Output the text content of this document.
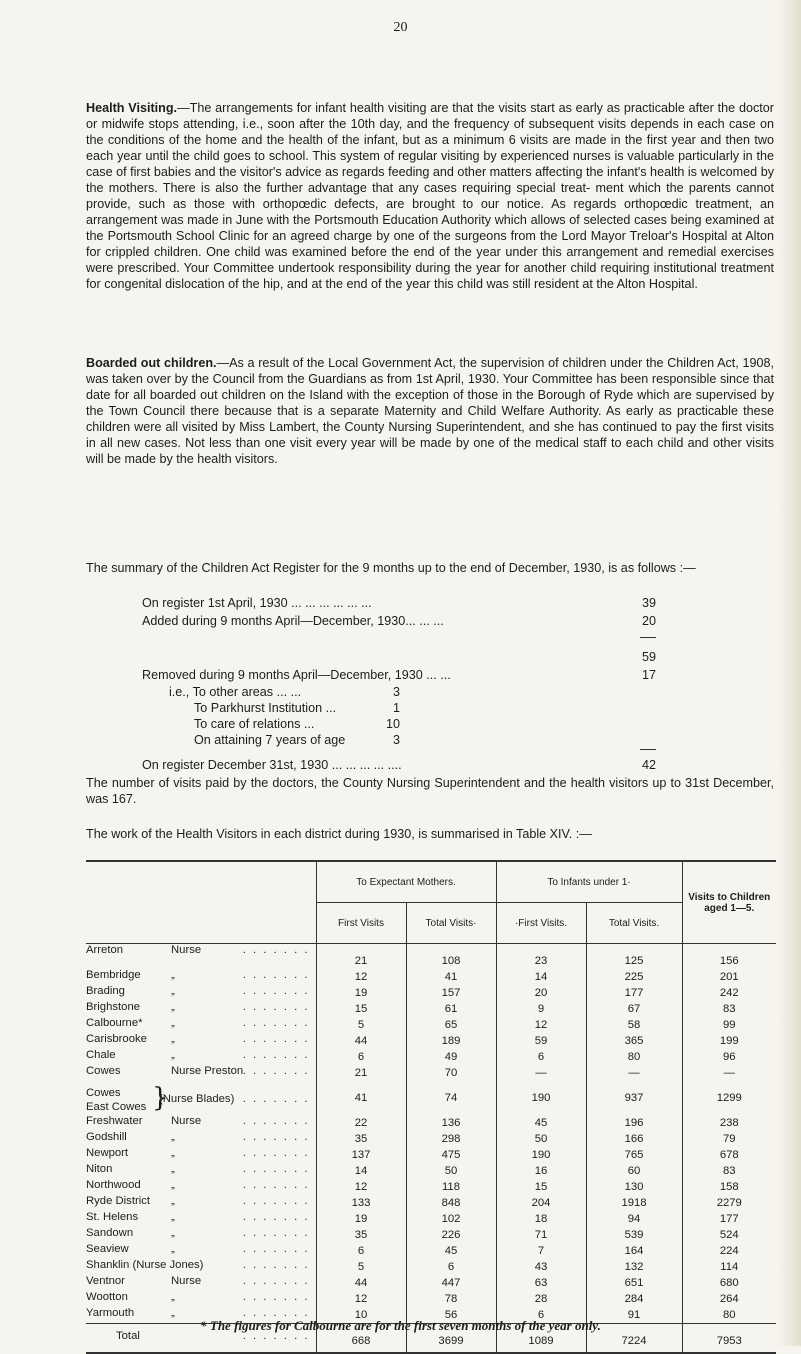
20
Health Visiting.—The arrangements for infant health visiting are that the visits start as early as practicable after the doctor or midwife stops attending, i.e., soon after the 10th day, and the frequency of subsequent visits depends in each case on the conditions of the home and the health of the infant, but as a minimum 6 visits are made in the first year and then two each year until the child goes to school. This system of regular visiting by experienced nurses is valuable particularly in the case of first babies and the visitor's advice as regards feeding and other matters affecting the infant's health is welcomed by the mothers. There is also the further advantage that any cases requiring special treat- ment which the parents cannot provide, such as those with orthopœdic defects, are brought to our notice. As regards orthopœdic treatment, an arrangement was made in June with the Portsmouth Education Authority which allows of selected cases being examined at the Portsmouth School Clinic for an agreed charge by one of the surgeons from the Lord Mayor Treloar's Hospital at Alton for crippled children. One child was examined before the end of the year under this arrangement and remedial exercises were prescribed. Your Committee undertook responsibility during the year for another child requiring institutional treatment for congenital dislocation of the hip, and at the end of the year this child was still resident at the Alton Hospital.
Boarded out children.—As a result of the Local Government Act, the supervision of children under the Children Act, 1908, was taken over by the Council from the Guardians as from 1st April, 1930. Your Committee has been responsible since that date for all boarded out children on the Island with the exception of those in the Borough of Ryde which are supervised by the Town Council there because that is a separate Maternity and Child Welfare Authority. As early as practicable these children were all visited by Miss Lambert, the County Nursing Superintendent, and she has continued to pay the first visits in all new cases. Not less than one visit every year will be made by one of the medical staff to each child and other visits will be made by the health visitors.
The summary of the Children Act Register for the 9 months up to the end of December, 1930, is as follows :—
On register 1st April, 1930 ... ... ... ... ... ...	39
Added during 9 months April—December, 1930... ... ...	20
59
Removed during 9 months April—December, 1930 ... ...	17
i.e., To other areas ... ...	3
To Parkhurst Institution ...	1
To care of relations ...	10
On attaining 7 years of age	3
On register December 31st, 1930 ... ... ... ... ....	42
The number of visits paid by the doctors, the County Nursing Superintendent and the health visitors up to 31st December, was 167.
The work of the Health Visitors in each district during 1930, is summarised in Table XIV. :—
	To Expectant Mothers.		To Infants under 1·		Visits to Children aged 1—5.
	First Visits	Total Visits·	·First Visits.	Total Visits.	

Arreton Nurse . . . . . . .	21	108	23	125	156

Bembridge „ . . . . . . .	12	41	14	225	201

Brading „ . . . . . . .	19	157	20	177	242

Brighstone „ . . . . . . .	15	61	9	67	83

Calbourne* „ . . . . . . .	5	65	12	58	99

Carisbrooke „ . . . . . . .	44	189	59	365	199

Chale „ . . . . . . .	6	49	6	80	96

Cowes Nurse Preston . . . . . . .	21	70	—	—	—

Cowes
East Cowes }
(Nurse Blades) . . . . . . .	41	74	190	937	1299

Freshwater Nurse . . . . . . .	22	136	45	196	238

Godshill „ . . . . . . .	35	298	50	166	79

Newport „ . . . . . . .	137	475	190	765	678

Niton „ . . . . . . .	14	50	16	60	83

Northwood „ . . . . . . .	12	118	15	130	158

Ryde District „ . . . . . . .	133	848	204	1918	2279

St. Helens „ . . . . . . .	19	102	18	94	177

Sandown „ . . . . . . .	35	226	71	539	524

Seaview „ . . . . . . .	6	45	7	164	224

Shanklin (Nurse Jones) . . . . . . .	5	6	43	132	114

Ventnor Nurse . . . . . . .	44	447	63	651	680

Wootton „ . . . . . . .	12	78	28	284	264

Yarmouth „ . . . . . . .	10	56	6	91	80

Total . . . . . . .	668	3699	1089	7224	7953
* The figures for Calbourne are for the first seven months of the year only.
